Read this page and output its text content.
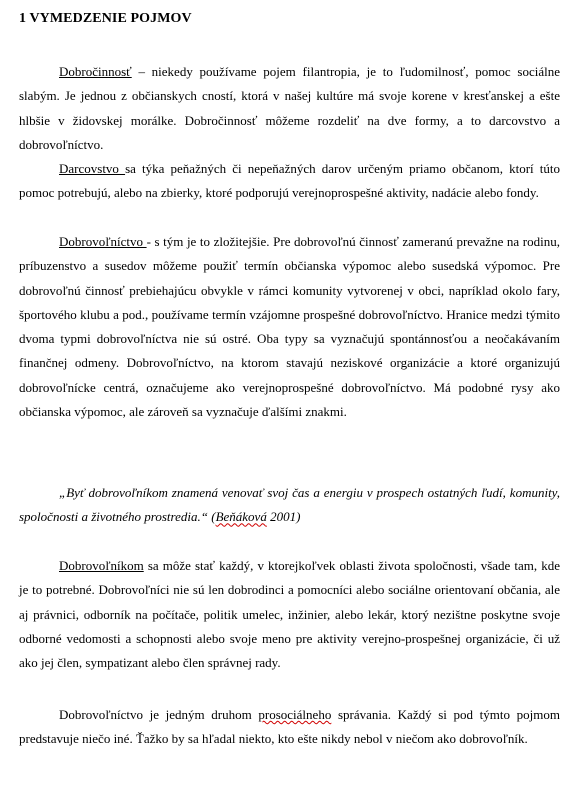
1 VYMEDZENIE POJMOV

Dobročinnosť – niekedy používame pojem filantropia, je to ľudomilnosť, pomoc sociálne slabým. Je jednou z občianskych cností, ktorá v našej kultúre má svoje korene v kresťanskej a ešte hlbšie v židovskej morálke. Dobročinnosť môžeme rozdeliť na dve formy, a to darcovstvo a dobrovoľníctvo.

Darcovstvo sa týka peňažných či nepeňažných darov určeným priamo občanom, ktorí túto pomoc potrebujú, alebo na zbierky, ktoré podporujú verejnoprospešné aktivity, nadácie alebo fondy.

Dobrovoľníctvo - s tým je to zložitejšie. Pre dobrovoľnú činnosť zameranú prevažne na rodinu, príbuzenstvo a susedov môžeme použiť termín občianska výpomoc alebo susedská výpomoc. Pre dobrovoľnú činnosť prebiehajúcu obvykle v rámci komunity vytvorenej v obci, napríklad okolo fary, športového klubu a pod., používame termín vzájomne prospešné dobrovoľníctvo. Hranice medzi týmito dvoma typmi dobrovoľníctva nie sú ostré. Oba typy sa vyznačujú spontánnosťou a neočakávaním finančnej odmeny. Dobrovoľníctvo, na ktorom stavajú neziskové organizácie a ktoré organizujú dobrovoľnícke centrá, označujeme ako verejnoprospešné dobrovoľníctvo. Má podobné rysy ako občianska výpomoc, ale zároveň sa vyznačuje ďalšími znakmi.

„Byť dobrovoľníkom znamená venovať svoj čas a energiu v prospech ostatných ľudí, komunity, spoločnosti a životného prostredia.“ (Beňáková 2001)

Dobrovoľníkom sa môže stať každý, v ktorejkoľvek oblasti života spoločnosti, všade tam, kde je to potrebné. Dobrovoľníci nie sú len dobrodinci a pomocníci alebo sociálne orientovaní občania, ale aj právnici, odborník na počítače, politik umelec, inžinier, alebo lekár, ktorý nezištne poskytne svoje odborné vedomosti a schopnosti alebo svoje meno pre aktivity verejno-prospešnej organizácie, či už ako jej člen, sympatizant alebo člen správnej rady.

Dobrovoľníctvo je jedným druhom prosociálneho správania. Každý si pod týmto pojmom predstavuje niečo iné. Ťažko by sa hľadal niekto, kto ešte nikdy nebol v niečom ako dobrovoľník.
